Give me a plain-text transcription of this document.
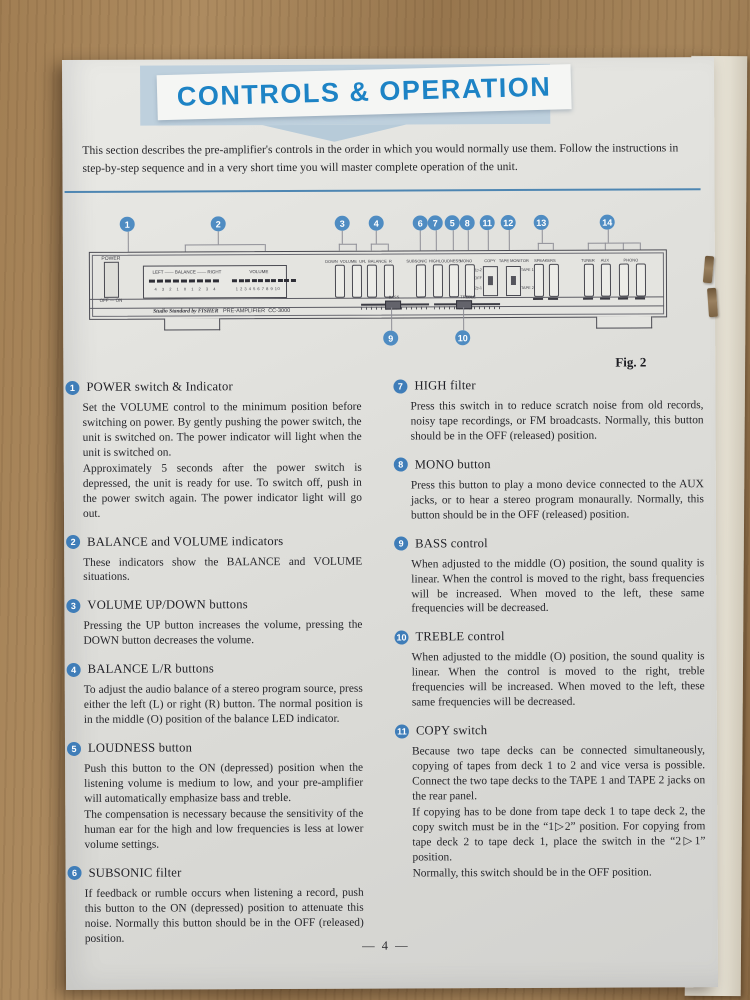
CONTROLS & OPERATION
This section describes the pre-amplifier's controls in the order in which you would normally use them. Follow the instructions in step-by-step sequence and in a very short time you will master complete operation of the unit.
1	2	3	4	6	7	5	8	11	12	13	14
POWER
OFF — ON
LEFT —— BALANCE —— RIGHT	VOLUME
4 3 2 1 0 1 2 3 4	1 2 3 4 5 6 7 8 9 10
DOWN  VOLUME  UP L  BALANCE  R	SUBSONIC HIGH LOUDNESS
MONO	COPY TAPE MONITOR	SPEAKERS	TUNER	AUX	PHONO
1▷2
OFF
2▷1
TAPE 1
TAPE 2
BASS	TREBLE
Studio Standard by FISHER PRE-AMPLIFIER  CC-3000
9	10
Fig. 2
1 POWER switch & Indicator

Set the VOLUME control to the minimum position before switching on power. By gently pushing the power switch, the unit is switched on. The power indicator will light when the unit is switched on.

Approximately 5 seconds after the power switch is depressed, the unit is ready for use. To switch off, push in the power switch again. The power indicator light will go out.

2 BALANCE and VOLUME indicators

These indicators show the BALANCE and VOLUME situations.

3 VOLUME UP/DOWN buttons

Pressing the UP button increases the volume, pressing the DOWN button decreases the volume.

4 BALANCE L/R buttons

To adjust the audio balance of a stereo program source, press either the left (L) or right (R) button. The normal position is in the middle (O) position of the balance LED indicator.

5 LOUDNESS button

Push this button to the ON (depressed) position when the listening volume is medium to low, and your pre-amplifier will automatically emphasize bass and treble.

The compensation is necessary because the sensitivity of the human ear for the high and low frequencies is less at lower volume settings.

6 SUBSONIC filter

If feedback or rumble occurs when listening a record, push this button to the ON (depressed) position to attenuate this noise. Normally this button should be in the OFF (released) position.

7 HIGH filter

Press this switch in to reduce scratch noise from old records, noisy tape recordings, or FM broadcasts. Normally, this button should be in the OFF (released) position.

8 MONO button

Press this button to play a mono device connected to the AUX jacks, or to hear a stereo program monaurally. Normally, this button should be in the OFF (released) position.

9 BASS control

When adjusted to the middle (O) position, the sound quality is linear. When the control is moved to the right, bass frequencies will be increased. When moved to the left, these same frequencies will be decreased.

10 TREBLE control

When adjusted to the middle (O) position, the sound quality is linear. When the control is moved to the right, treble frequencies will be increased. When moved to the left, these same frequencies will be decreased.

11 COPY switch

Because two tape decks can be connected simultaneously, copying of tapes from deck 1 to 2 and vice versa is possible. Connect the two tape decks to the TAPE 1 and TAPE 2 jacks on the rear panel.

If copying has to be done from tape deck 1 to tape deck 2, the copy switch must be in the “1▷2” position. For copying from tape deck 2 to tape deck 1, place the switch in the “2▷1” position.

Normally, this switch should be in the OFF position.

— 4 —
